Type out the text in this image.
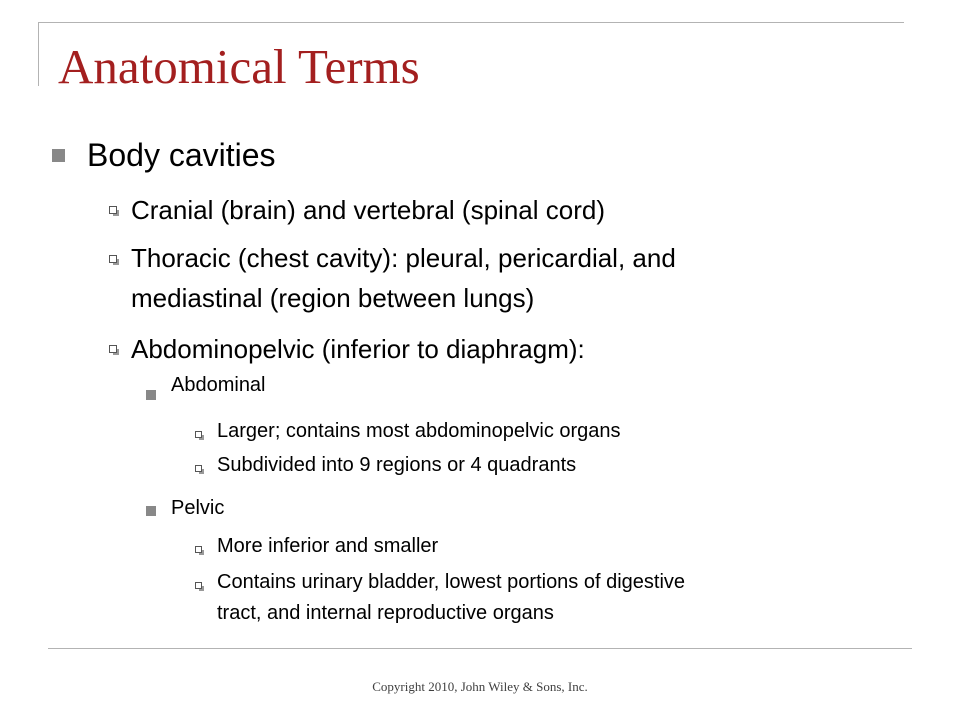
Anatomical Terms
Body cavities
Cranial (brain) and vertebral (spinal cord)
Thoracic (chest cavity): pleural, pericardial, and
mediastinal (region between lungs)
Abdominopelvic (inferior to diaphragm):
Abdominal
Larger; contains most abdominopelvic organs
Subdivided into 9 regions or 4 quadrants
Pelvic
More inferior and smaller
Contains urinary bladder, lowest portions of digestive
tract, and internal reproductive organs
Copyright 2010, John Wiley & Sons, Inc.
